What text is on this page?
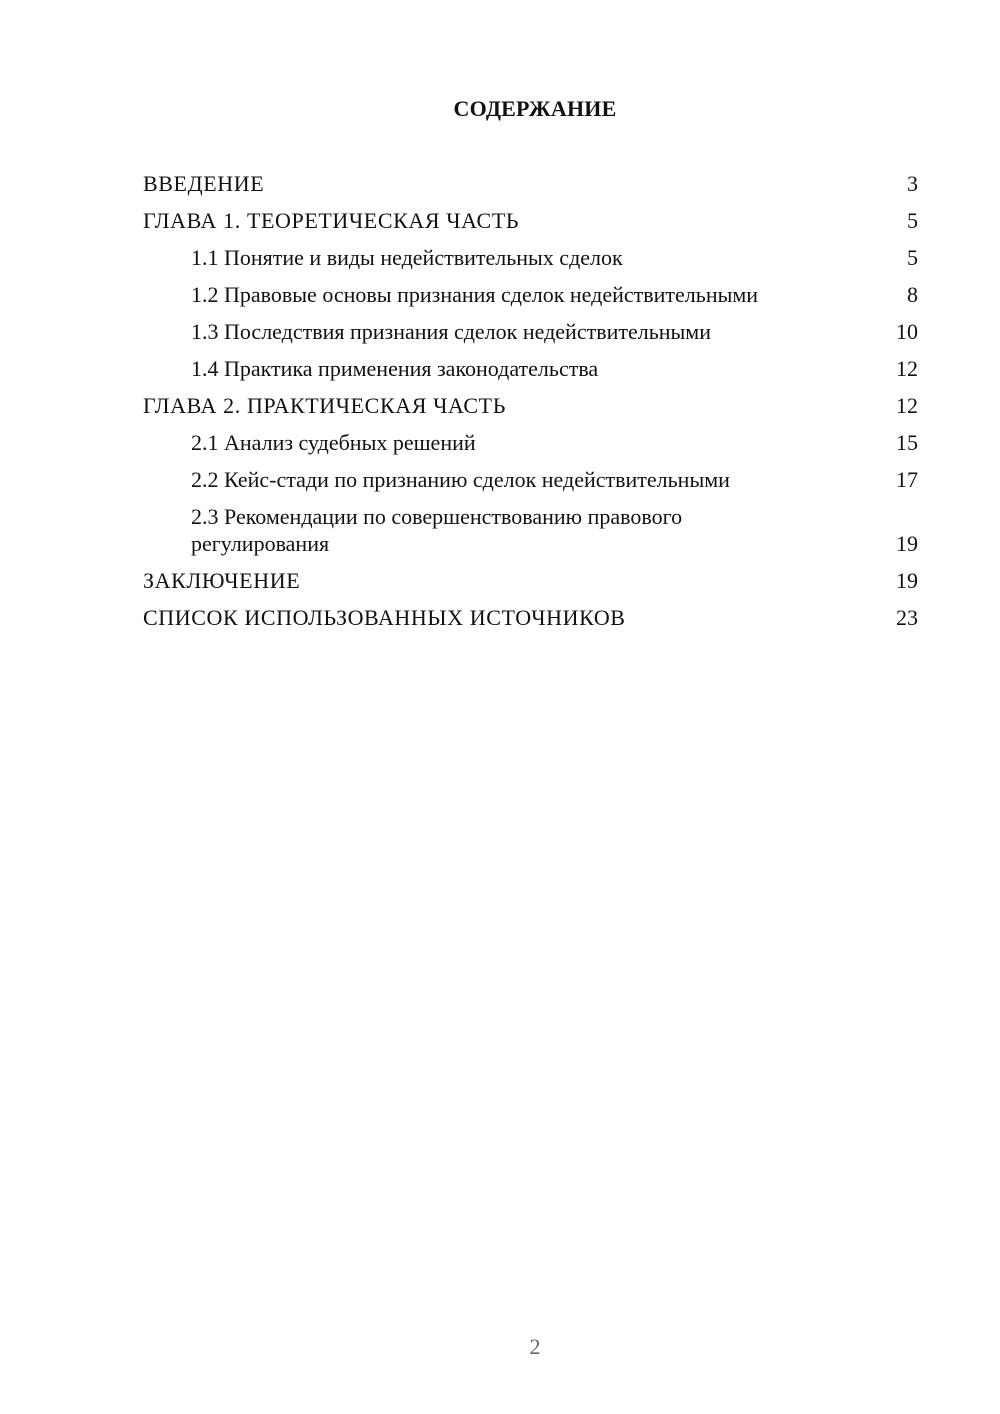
СОДЕРЖАНИЕ
ВВЕДЕНИЕ	3
ГЛАВА 1. ТЕОРЕТИЧЕСКАЯ ЧАСТЬ	5
1.1 Понятие и виды недействительных сделок	5
1.2 Правовые основы признания сделок недействительными	8
1.3 Последствия признания сделок недействительными	10
1.4 Практика применения законодательства	12
ГЛАВА 2. ПРАКТИЧЕСКАЯ ЧАСТЬ	12
2.1 Анализ судебных решений	15
2.2 Кейс-стади по признанию сделок недействительными	17
2.3 Рекомендации по совершенствованию правового регулирования	19
ЗАКЛЮЧЕНИЕ	19
СПИСОК ИСПОЛЬЗОВАННЫХ ИСТОЧНИКОВ	23
2
